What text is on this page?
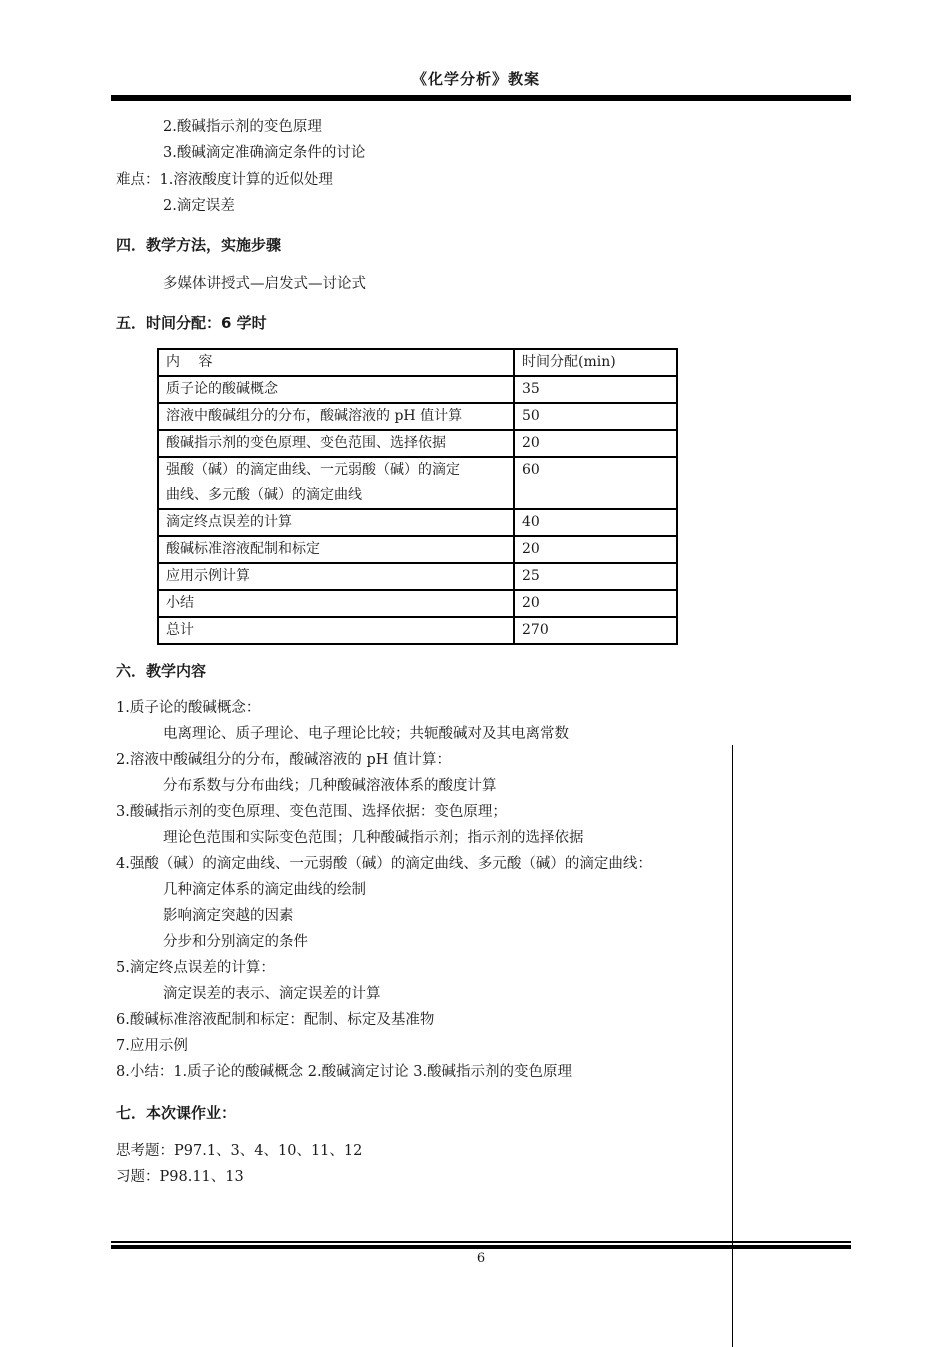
《化学分析》教案
2.酸碱指示剂的变色原理
3.酸碱滴定准确滴定条件的讨论
难点：1.溶液酸度计算的近似处理
2.滴定误差
四．教学方法，实施步骤
多媒体讲授式—启发式—讨论式
五．时间分配：6 学时
内　 容	时间分配(min)
质子论的酸碱概念	35
溶液中酸碱组分的分布，酸碱溶液的 pH 值计算	50
酸碱指示剂的变色原理、变色范围、选择依据	20

强酸（碱）的滴定曲线、一元弱酸（碱）的滴定
曲线、多元酸（碱）的滴定曲线	60
滴定终点误差的计算	40
酸碱标准溶液配制和标定	20
应用示例计算	25
小结	20
总计	270
六．教学内容
1.质子论的酸碱概念：
电离理论、质子理论、电子理论比较；共轭酸碱对及其电离常数
2.溶液中酸碱组分的分布，酸碱溶液的 pH 值计算：
分布系数与分布曲线；几种酸碱溶液体系的酸度计算
3.酸碱指示剂的变色原理、变色范围、选择依据：变色原理；
理论色范围和实际变色范围；几种酸碱指示剂；指示剂的选择依据
4.强酸（碱）的滴定曲线、一元弱酸（碱）的滴定曲线、多元酸（碱）的滴定曲线：
几种滴定体系的滴定曲线的绘制
影响滴定突越的因素
分步和分别滴定的条件
5.滴定终点误差的计算：
滴定误差的表示、滴定误差的计算
6.酸碱标准溶液配制和标定：配制、标定及基准物
7.应用示例
8.小结：1.质子论的酸碱概念 2.酸碱滴定讨论 3.酸碱指示剂的变色原理
七．本次课作业：
思考题：P97.1、3、4、10、11、12
习题：P98.11、13
6
